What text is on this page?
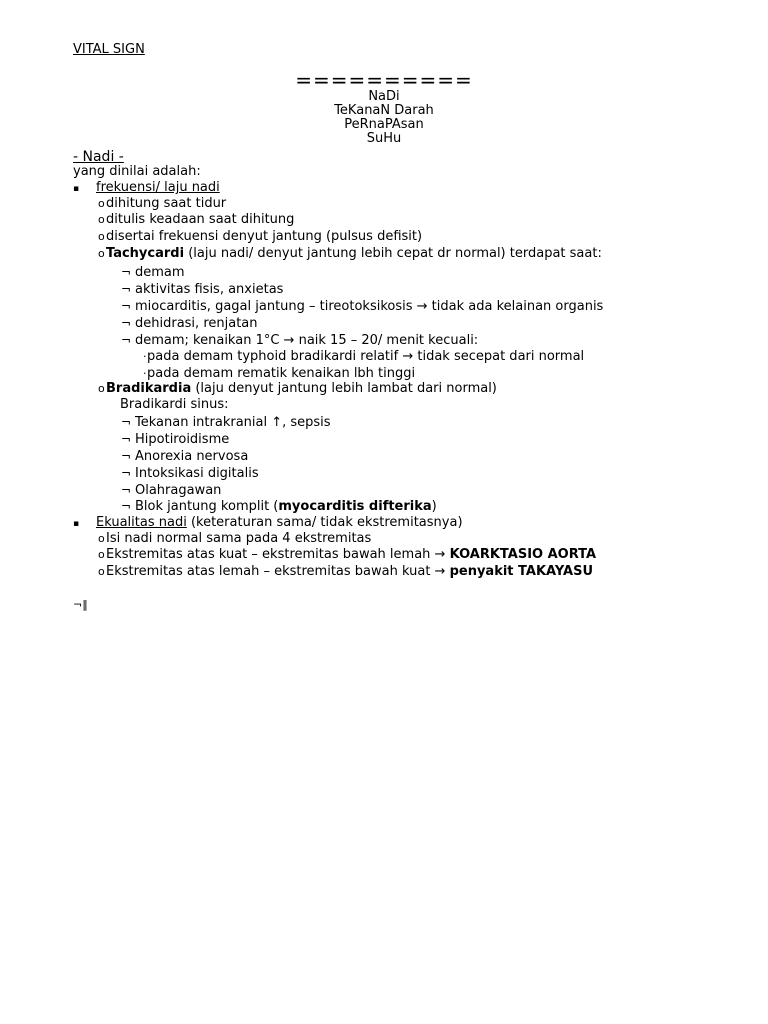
VITAL SIGN
==========
NaDi
TeKanaN Darah
PeRnaPAsan
SuHu
- Nadi -
yang dinilai adalah:
▪ frekuensi/ laju nadi
odihitung saat tidur
oditulis keadaan saat dihitung
odisertai frekuensi denyut jantung (pulsus defisit)
oTachycardi (laju nadi/ denyut jantung lebih cepat dr normal) terdapat saat:
¬ demam
¬ aktivitas fisis, anxietas
¬ miocarditis, gagal jantung – tireotoksikosis → tidak ada kelainan organis
¬ dehidrasi, renjatan
¬ demam; kenaikan 1°C → naik 15 – 20/ menit kecuali:
·pada demam typhoid bradikardi relatif → tidak secepat dari normal
·pada demam rematik kenaikan lbh tinggi
oBradikardia (laju denyut jantung lebih lambat dari normal)
Bradikardi sinus:
¬ Tekanan intrakranial ↑, sepsis
¬ Hipotiroidisme
¬ Anorexia nervosa
¬ Intoksikasi digitalis
¬ Olahragawan
¬ Blok jantung komplit (myocarditis difterika)
▪ Ekualitas nadi (keteraturan sama/ tidak ekstremitasnya)
oIsi nadi normal sama pada 4 ekstremitas
oEkstremitas atas kuat – ekstremitas bawah lemah → KOARKTASIO AORTA
oEkstremitas atas lemah – ekstremitas bawah kuat → penyakit TAKAYASU
¬‖
